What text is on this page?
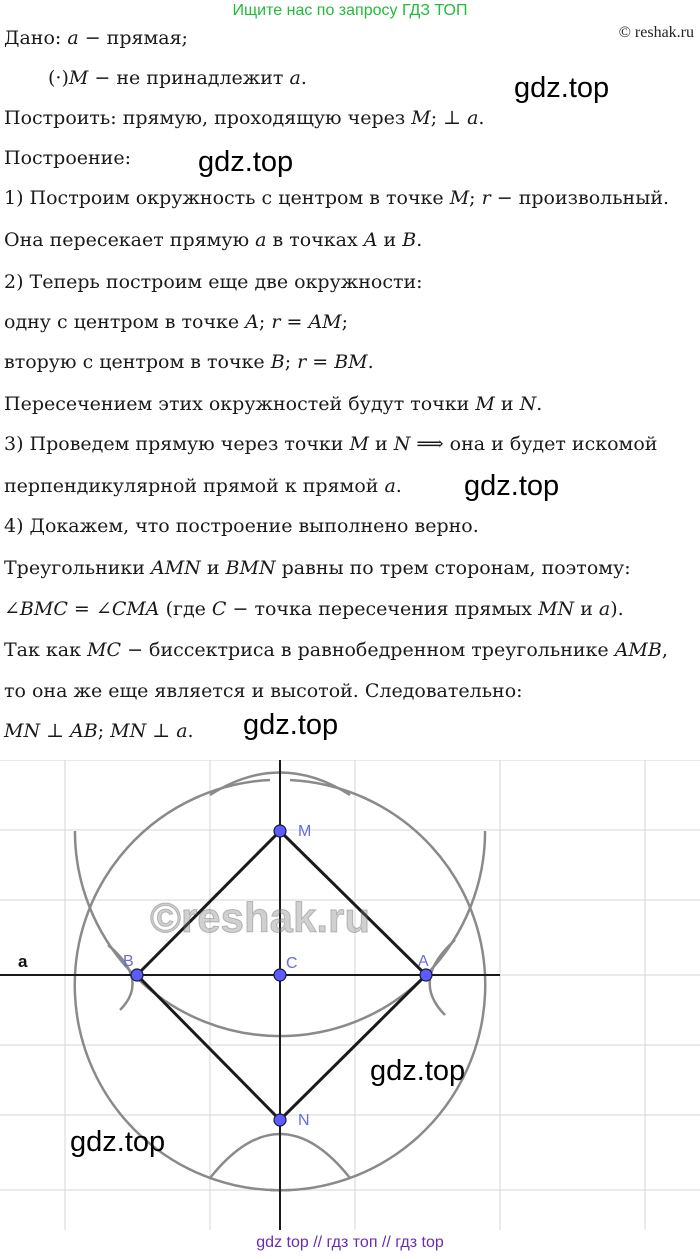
Ищите нас по запросу ГДЗ ТОП
© reshak.ru
Дано: a − прямая;
(·)M − не принадлежит a.
Построить: прямую, проходящую через M; ⊥ a.
Построение:
1) Построим окружность с центром в точке M; r − произвольный.
Она пересекает прямую a в точках A и B.
2) Теперь построим еще две окружности:
одну с центром в точке A; r = AM;
вторую с центром в точке B; r = BM.
Пересечением этих окружностей будут точки M и N.
3) Проведем прямую через точки M и N ⟹ она и будет искомой
перпендикулярной прямой к прямой a.
4) Докажем, что построение выполнено верно.
Треугольники AMN и BMN равны по трем сторонам, поэтому:
∠BMC = ∠CMA (где C − точка пересечения прямых MN и a).
Так как MC − биссектриса в равнобедренном треугольнике AMB,
то она же еще является и высотой. Следовательно:
MN ⊥ AB; MN ⊥ a.
gdz.top
gdz.top
gdz.top
gdz.top
A
B	C
M
N
a
©reshak.ru
gdz.top
gdz.top
gdz top // гдз топ // гдз top
